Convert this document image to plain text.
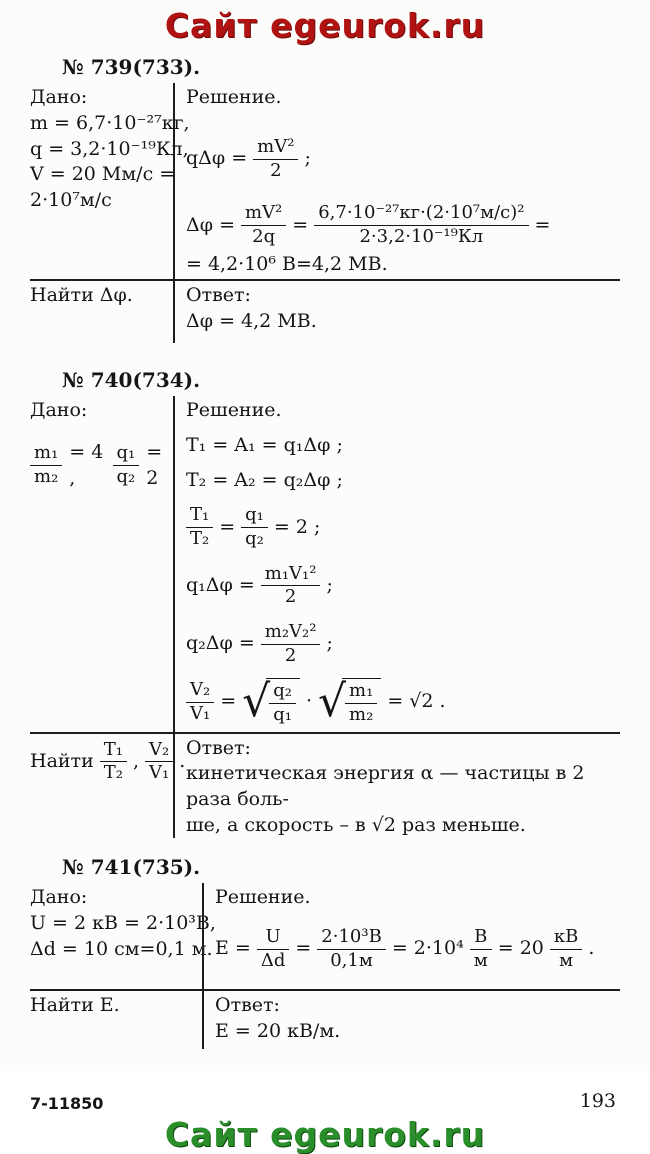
Сайт egeurok.ru
№ 739(733).
Дано:
m = 6,7·10⁻²⁷кг,
q = 3,2·10⁻¹⁹Кл,
V = 20 Мм/с =
2·10⁷м/с
Решение.
$q\Delta\varphi = \frac{\text{mV²}}{2}$ ;
$\Delta\varphi = \frac{\text{mV²}}{2q} = \frac{\text{6,7·10⁻²⁷кг·(2·10⁷м/с)²}}{\text{2·3,2·10⁻¹⁹Кл}}$ =
= 4,2·10⁶ В=4,2 МВ.
Найти Δφ.	Ответ:
Δφ = 4,2 МВ.
№ 740(734).
Дано:
$\frac{\text{m₁}}{\text{m₂}} = 4$ ,	$\frac{\text{q₁}}{\text{q₂}} = 2$
Решение.
T₁ = A₁ = q₁Δφ ;
T₂ = A₂ = q₂Δφ ;
$\frac{\text{T₁}}{\text{T₂}} = \frac{\text{q₁}}{\text{q₂}} = 2$ ;
$q_1\Delta\varphi = \frac{\text{m₁V₁²}}{2}$ ;
$q_2\Delta\varphi = \frac{\text{m₂V₂²}}{2}$ ;
$\frac{\text{V₂}}{\text{V₁}}$ = √ $\frac{\text{q₂}}{\text{q₁}}$ · √ $\frac{\text{m₁}}{\text{m₂}} = √2$ .
Найти $\frac{\text{T₁}}{\text{T₂}}$ , $\frac{\text{V₂}}{\text{V₁}}$ .
Ответ:
кинетическая энергия α — частицы в 2 раза боль-
ше, а скорость – в √2 раз меньше.
№ 741(735).
Дано:
U = 2 кВ = 2·10³В,
Δd = 10 см=0,1 м.
Решение.
$E = \frac{U}{\Delta d} = \frac{\text{2·10³В}}{0,1м} = 2\cdot 10^4 \frac{В}{м} = 20 \frac{кВ}{м}$ .
Найти E.	Ответ:
E = 20 кВ/м.
7-11850	193
Сайт egeurok.ru
